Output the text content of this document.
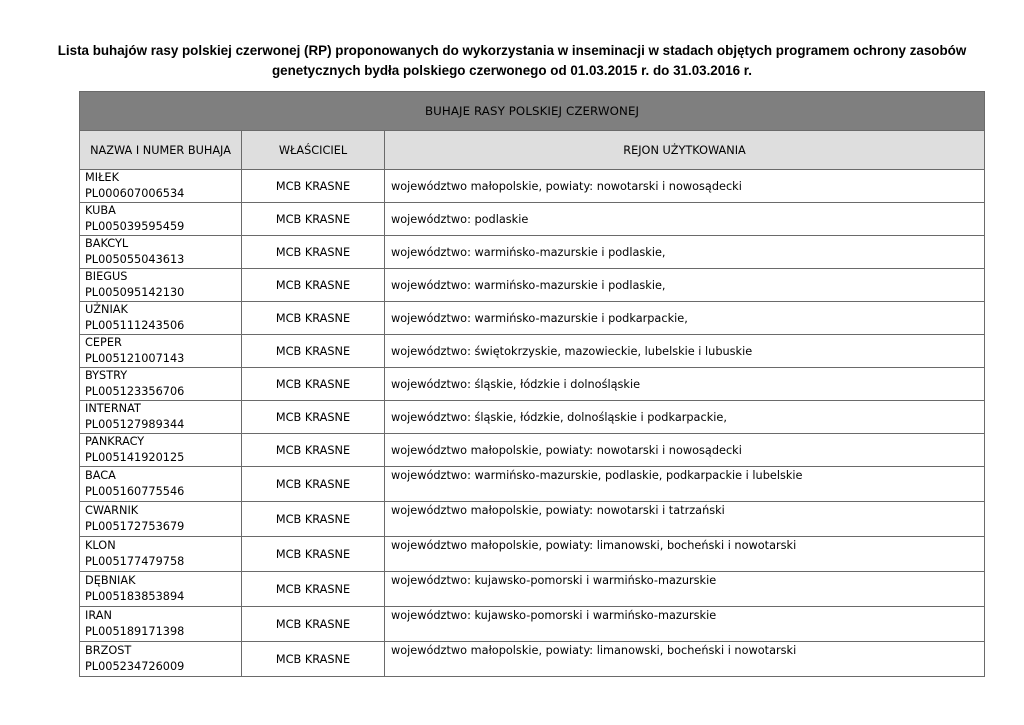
Lista buhajów rasy polskiej czerwonej (RP) proponowanych do wykorzystania w inseminacji w stadach objętych programem ochrony zasobów
genetycznych bydła polskiego czerwonego od 01.03.2015 r. do 31.03.2016 r.
BUHAJE RASY POLSKIEJ CZERWONEJ		
NAZWA I NUMER BUHAJA	WŁAŚCICIEL	REJON UŻYTKOWANIA

MIŁEK
PL000607006534	MCB KRASNE	województwo małopolskie, powiaty: nowotarski i nowosądecki

KUBA
PL005039595459	MCB KRASNE	województwo: podlaskie

BAKCYL
PL005055043613	MCB KRASNE	województwo: warmińsko-mazurskie i podlaskie,

BIEGUS
PL005095142130	MCB KRASNE	województwo: warmińsko-mazurskie i podlaskie,

UŻNIAK
PL005111243506	MCB KRASNE	województwo: warmińsko-mazurskie i podkarpackie,

CEPER
PL005121007143	MCB KRASNE	województwo: świętokrzyskie, mazowieckie, lubelskie i lubuskie

BYSTRY
PL005123356706	MCB KRASNE	województwo: śląskie, łódzkie i dolnośląskie

INTERNAT
PL005127989344	MCB KRASNE	województwo: śląskie, łódzkie, dolnośląskie i podkarpackie,

PANKRACY
PL005141920125	MCB KRASNE	województwo małopolskie, powiaty: nowotarski i nowosądecki

BACA
PL005160775546	MCB KRASNE	województwo: warmińsko-mazurskie, podlaskie, podkarpackie i lubelskie

CWARNIK
PL005172753679	MCB KRASNE	województwo małopolskie, powiaty: nowotarski i tatrzański

KLON
PL005177479758	MCB KRASNE	województwo małopolskie, powiaty: limanowski, bocheński i nowotarski

DĘBNIAK
PL005183853894	MCB KRASNE	województwo: kujawsko-pomorski i warmińsko-mazurskie

IRAN
PL005189171398	MCB KRASNE	województwo: kujawsko-pomorski i warmińsko-mazurskie

BRZOST
PL005234726009	MCB KRASNE	województwo małopolskie, powiaty: limanowski, bocheński i nowotarski
